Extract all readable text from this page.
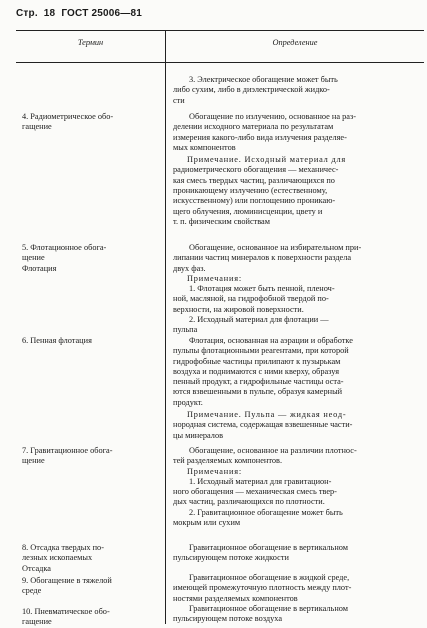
Стр. 18 ГОСТ 25006—81
Термин	Определение
3. Электрическое обогащение может быть
либо сухим, либо в диэлектрической жидко-
сти
4. Радиометрическое обо-
гащение
Обогащение по излучению, основанное на раз-
делении исходного материала по результатам
измерения какого-либо вида излучения разделяе-
мых компонентов
Примечание. Исходный материал для
радиометрического обогащения — механичес-
кая смесь твердых частиц, различающихся по
проникающему излучению (естественному,
искусственному) или поглощению проникаю-
щего облучения, люминисценции, цвету и
т. п. физическим свойствам
5. Флотационное обога-
щение
Флотация
Обогащение, основанное на избирательном при-
липании частиц минералов к поверхности раздела
двух фаз.
Примечания:
1. Флотация может быть пенной, пленоч-
ной, масляной, на гидрофобной твердой по-
верхности, на жировой поверхности.
2. Исходный материал для флотации —
пульпа
6. Пенная флотация	Флотация, основанная на аэрации и обработке
пульпы флотационными реагентами, при которой
гидрофобные частицы прилипают к пузырькам
воздуха и поднимаются с ними кверху, образуя
пенный продукт, а гидрофильные частицы оста-
ются взвешенными в пульпе, образуя камерный
продукт.
Примечание. Пульпа — жидкая неод-
нородная система, содержащая взвешенные части-
цы минералов
7. Гравитационное обога-
щение
Обогащение, основанное на различии плотнос-
тей разделяемых компонентов.
Примечания:
1. Исходный материал для гравитацион-
ного обогащения — механическая смесь твер-
дых частиц, различающихся по плотности.
2. Гравитационное обогащение может быть
мокрым или сухим
8. Отсадка твердых по-
лезных ископаемых
Отсадка
Гравитационное обогащение в вертикальном
пульсирующем потоке жидкости
9. Обогащение в тяжелой
среде
Гравитационное обогащение в жидкой среде,
имеющей промежуточную плотность между плот-
ностями разделяемых компонентов
10. Пневматическое обо-
гащение
Гравитационное обогащение в вертикальном
пульсирующем потоке воздуха
